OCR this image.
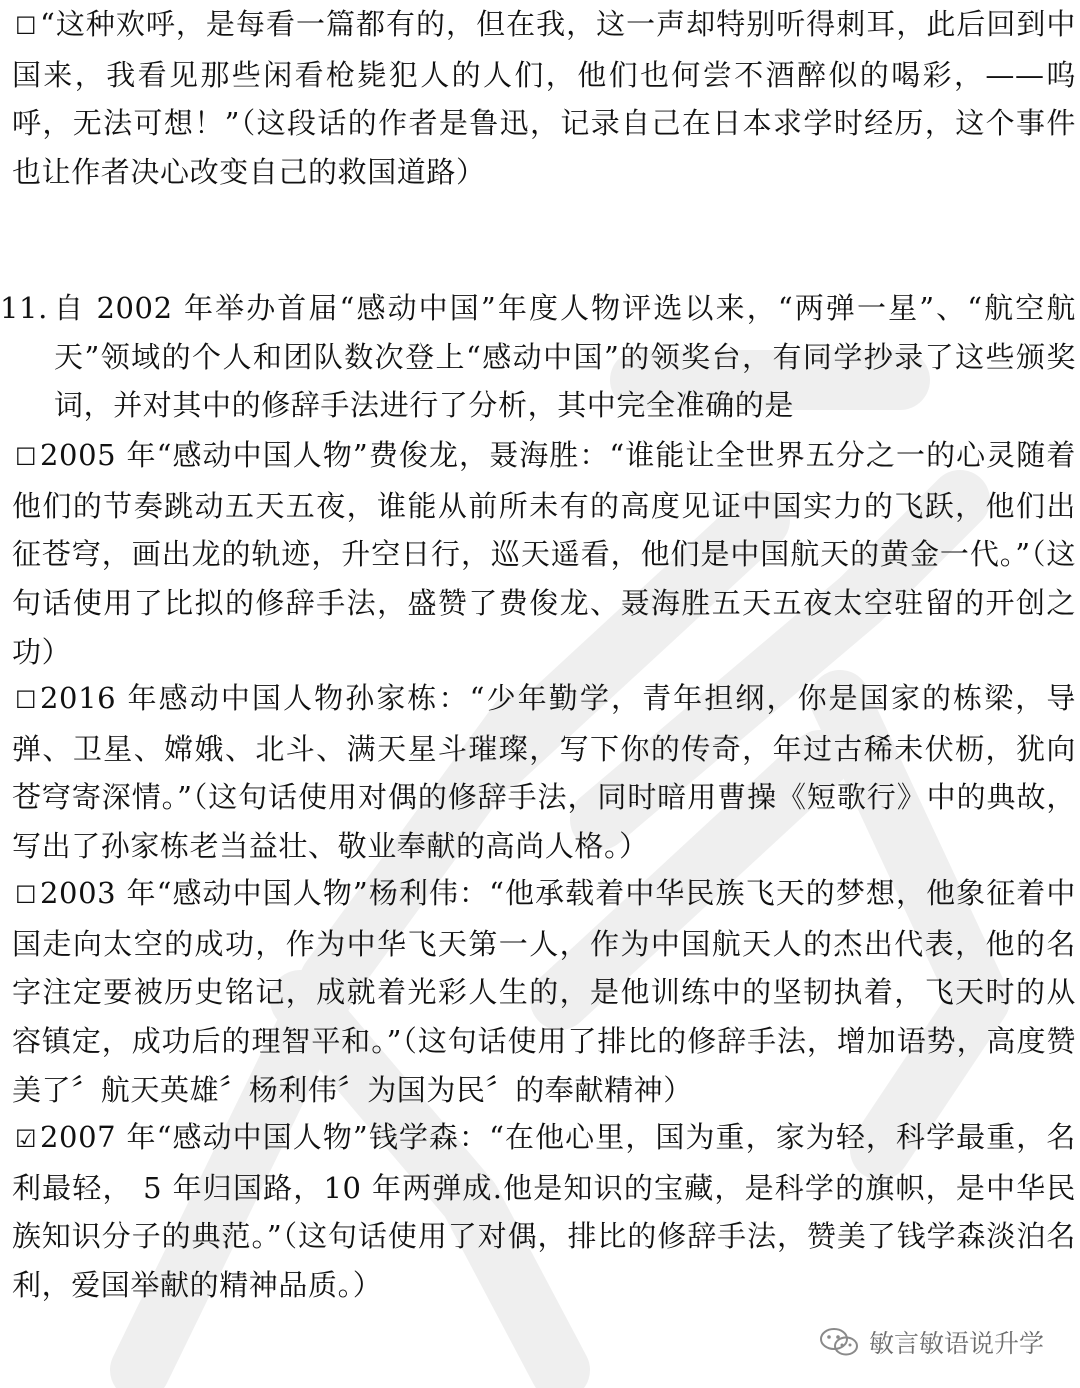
☐ “这种欢呼，是每看一篇都有的，但在我，这一声却特别听得刺耳，此后回到中国来，我看见那些闲看枪毙犯人的人们，他们也何尝不酒醉似的喝彩，——呜呼，无法可想！”（这段话的作者是鲁迅，记录自己在日本求学时经历，这个事件也让作者决心改变自己的救国道路）

11. 自 2002 年举办首届“感动中国”年度人物评选以来，“两弹一星”、“航空航天”领域的个人和团队数次登上“感动中国”的领奖台，有同学抄录了这些颁奖词，并对其中的修辞手法进行了分析，其中完全准确的是

☐ 2005 年“感动中国人物”费俊龙，聂海胜：“谁能让全世界五分之一的心灵随着他们的节奏跳动五天五夜，谁能从前所未有的高度见证中国实力的飞跃，他们出征苍穹，画出龙的轨迹，升空日行，巡天遥看，他们是中国航天的黄金一代。”（这句话使用了比拟的修辞手法，盛赞了费俊龙、聂海胜五天五夜太空驻留的开创之功）

☐ 2016 年感动中国人物孙家栋：“少年勤学，青年担纲，你是国家的栋梁，导弹、卫星、嫦娥、北斗、满天星斗璀璨，写下你的传奇，年过古稀未伏枥，犹向苍穹寄深情。”（这句话使用对偶的修辞手法，同时暗用曹操《短歌行》中的典故，写出了孙家栋老当益壮、敬业奉献的高尚人格。）

☐ 2003 年“感动中国人物”杨利伟：“他承载着中华民族飞天的梦想，他象征着中国走向太空的成功，作为中华飞天第一人，作为中国航天人的杰出代表，他的名字注定要被历史铭记，成就着光彩人生的，是他训练中的坚韧执着，飞天时的从容镇定，成功后的理智平和。”（这句话使用了排比的修辞手法，增加语势，高度赞美了〞航天英雄〞杨利伟〞为国为民〞的奉献精神）

☑ 2007 年“感动中国人物”钱学森：“在他心里，国为重，家为轻，科学最重，名利最轻， 5 年归国路，10 年两弹成.他是知识的宝藏，是科学的旗帜，是中华民族知识分子的典范。”（这句话使用了对偶，排比的修辞手法，赞美了钱学森淡泊名利，爱国举献的精神品质。）

敏言敏语说升学
